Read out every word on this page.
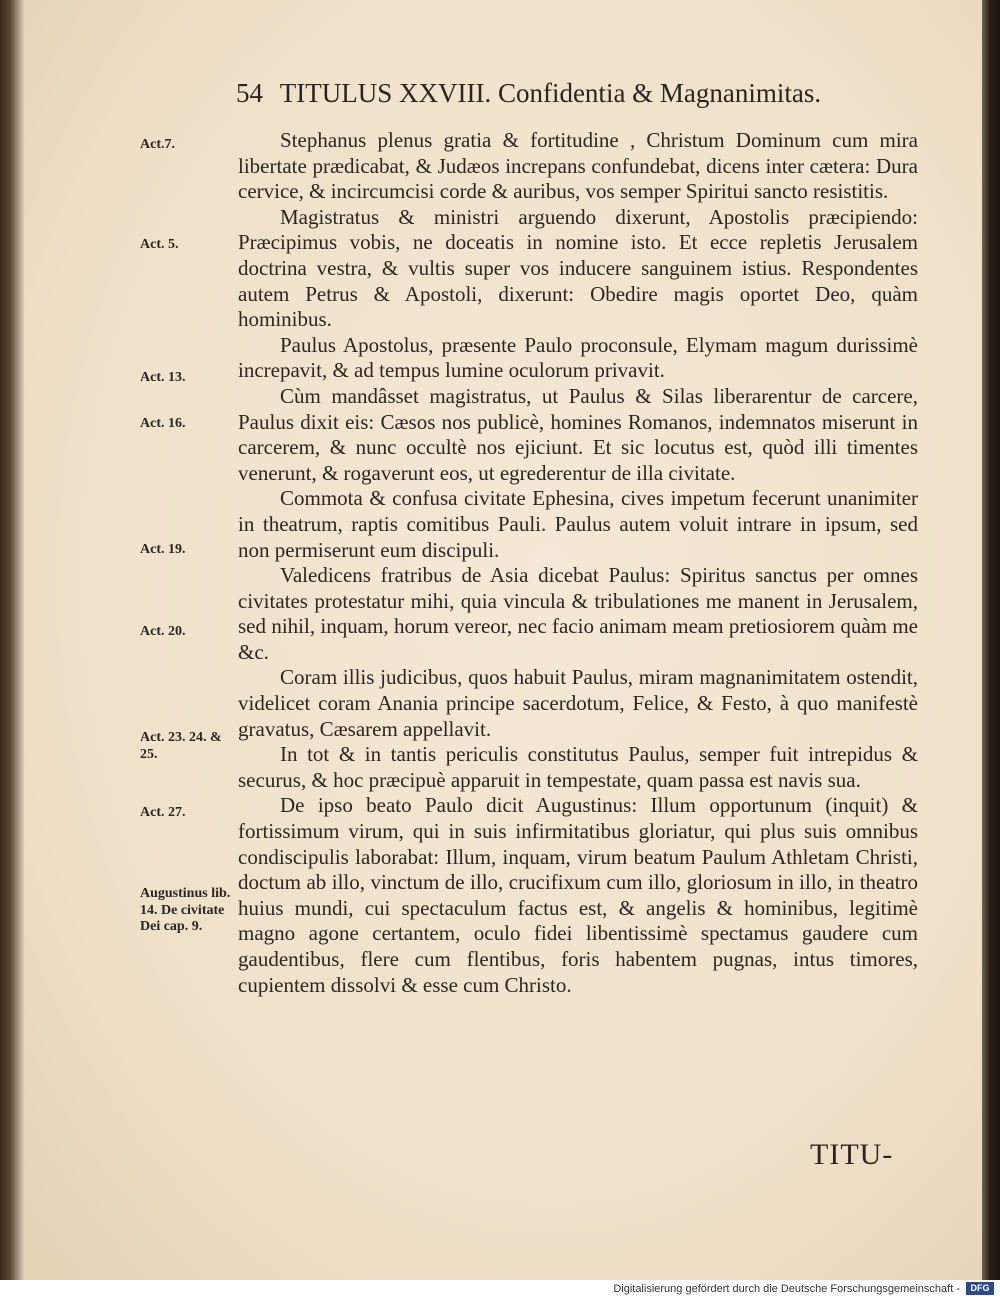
54 TITULUS XXVIII. Confidentia & Magnanimitas.
Act.7.
Act. 5.
Act. 13.
Act. 16.
Act. 19.
Act. 20.
Act. 23. 24. & 25.
Act. 27.
Augustinus lib. 14. De civitate Dei cap. 9.

Stephanus plenus gratia & fortitudine , Christum Dominum cum mira libertate prædicabat, & Judæos increpans confundebat, dicens inter cætera: Dura cervice, & incircumcisi corde & auribus, vos semper Spiritui sancto resistitis.

Magistratus & ministri arguendo dixerunt, Apostolis præcipiendo: Præcipimus vobis, ne doceatis in nomine isto. Et ecce repletis Jerusalem doctrina vestra, & vultis super vos inducere sanguinem istius. Respondentes autem Petrus & Apostoli, dixerunt: Obedire magis oportet Deo, quàm hominibus.

Paulus Apostolus, præsente Paulo proconsule, Elymam magum durissimè increpavit, & ad tempus lumine oculorum privavit.

Cùm mandâsset magistratus, ut Paulus & Silas liberarentur de carcere, Paulus dixit eis: Cæsos nos publicè, homines Romanos, indemnatos miserunt in carcerem, & nunc occultè nos ejiciunt. Et sic locutus est, quòd illi timentes venerunt, & rogaverunt eos, ut egrederentur de illa civitate.

Commota & confusa civitate Ephesina, cives impetum fecerunt unanimiter in theatrum, raptis comitibus Pauli. Paulus autem voluit intrare in ipsum, sed non permiserunt eum discipuli.

Valedicens fratribus de Asia dicebat Paulus: Spiritus sanctus per omnes civitates protestatur mihi, quia vincula & tribulationes me manent in Jerusalem, sed nihil, inquam, horum vereor, nec facio animam meam pretiosiorem quàm me &c.

Coram illis judicibus, quos habuit Paulus, miram magnanimitatem ostendit, videlicet coram Anania principe sacerdotum, Felice, & Festo, à quo manifestè gravatus, Cæsarem appellavit.

In tot & in tantis periculis constitutus Paulus, semper fuit intrepidus & securus, & hoc præcipuè apparuit in tempestate, quam passa est navis sua.

De ipso beato Paulo dicit Augustinus: Illum opportunum (inquit) & fortissimum virum, qui in suis infirmitatibus gloriatur, qui plus suis omnibus condiscipulis laborabat: Illum, inquam, virum beatum Paulum Athletam Christi, doctum ab illo, vinctum de illo, crucifixum cum illo, gloriosum in illo, in theatro huius mundi, cui spectaculum factus est, & angelis & hominibus, legitimè magno agone certantem, oculo fidei libentissimè spectamus gaudere cum gaudentibus, flere cum flentibus, foris habentem pugnas, intus timores, cupientem dissolvi & esse cum Christo.

TITU-
Digitalisierung gefördert durch die Deutsche Forschungsgemeinschaft -	DFG
